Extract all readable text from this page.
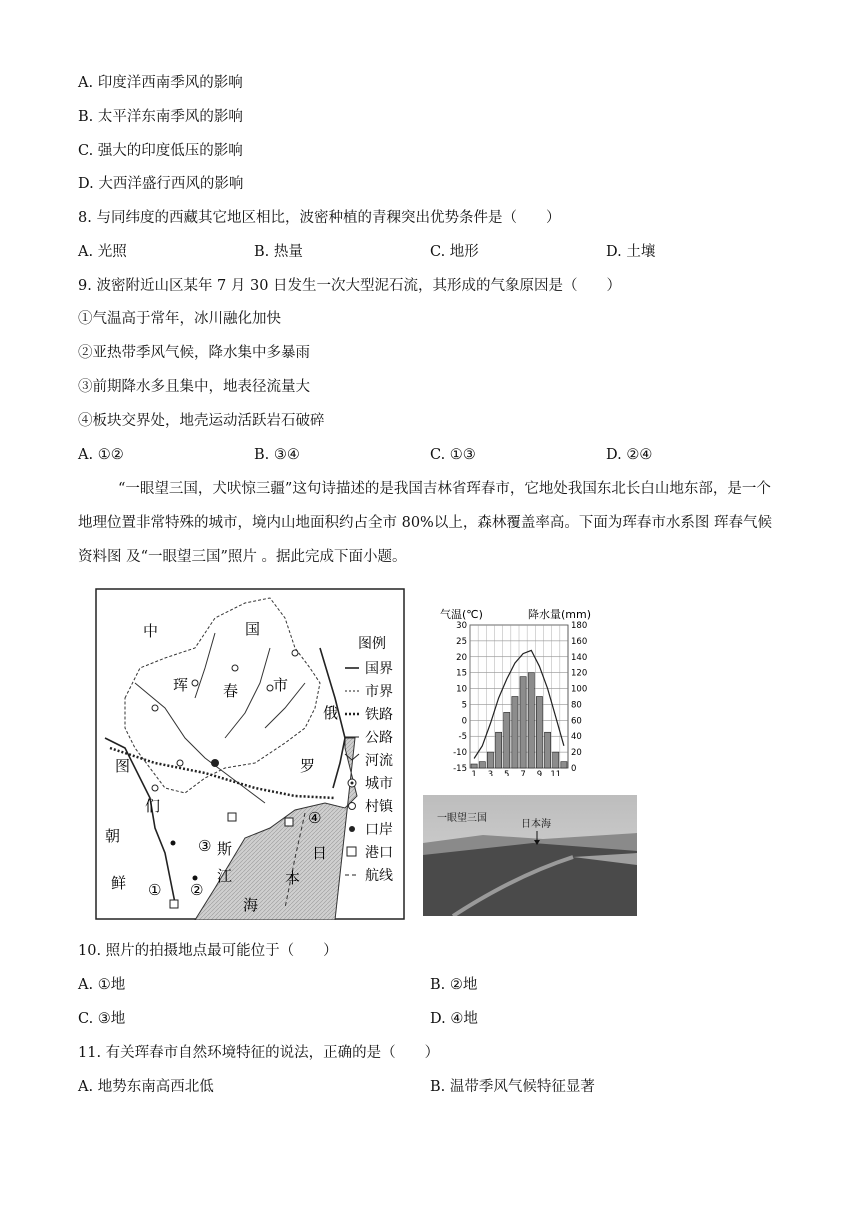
A. 印度洋西南季风的影响
B. 太平洋东南季风的影响
C. 强大的印度低压的影响
D. 大西洋盛行西风的影响
8. 与同纬度的西藏其它地区相比，波密种植的青稞突出优势条件是（　　）
A. 光照	B. 热量	C. 地形	D. 土壤
9. 波密附近山区某年 7 月 30 日发生一次大型泥石流，其形成的气象原因是（　　）
①气温高于常年，冰川融化加快
②亚热带季风气候，降水集中多暴雨
③前期降水多且集中，地表径流量大
④板块交界处，地壳运动活跃岩石破碎
A. ①②	B. ③④	C. ①③	D. ②④
“一眼望三国，犬吠惊三疆”这句诗描述的是我国吉林省珲春市，它地处我国东北长白山地东部，是一个地理位置非常特殊的城市，境内山地面积约占全市 80%以上，森林覆盖率高。下面为珲春市水系图 珲春气候资料图 及“一眼望三国”照片 。据此完成下面小题。
中	国
珲 春 市
俄
罗
图
们
朝
鲜
斯
江
日
本
海
① ②
③
④
图例
国界
市界
铁路
公路
河流
城市
村镇
口岸
港口
航线
气温(℃)	降水量(mm)
30
25
20
15
10
5
0
-5
-10
-15
180
160
140
120
100
80
60
40
20
0
1 3 5 7 9 11
一眼望三国
日本海
10. 照片的拍摄地点最可能位于（　　）
A. ①地	B. ②地
C. ③地	D. ④地
11. 有关珲春市自然环境特征的说法，正确的是（　　）
A. 地势东南高西北低	B. 温带季风气候特征显著
